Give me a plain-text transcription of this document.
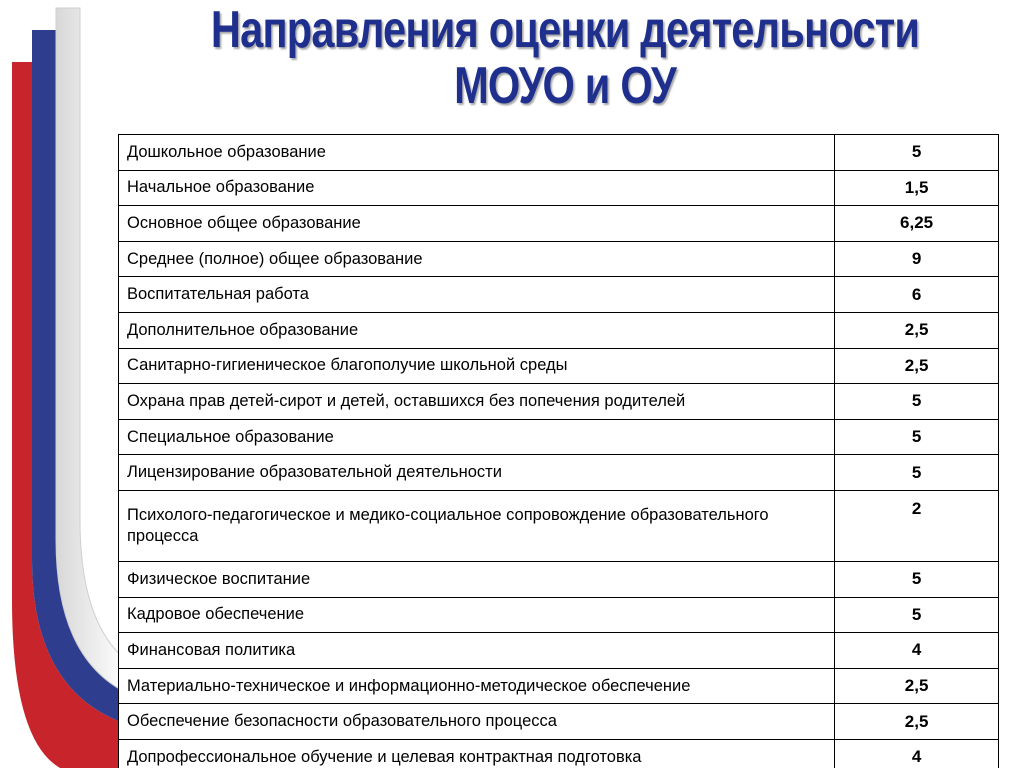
Направления оценки деятельности
МОУО и ОУ
Дошкольное образование	5
Начальное образование	1,5
Основное общее образование	6,25
Среднее (полное) общее образование	9
Воспитательная работа	6
Дополнительное образование	2,5
Санитарно-гигиеническое благополучие школьной среды	2,5
Охрана прав детей-сирот и детей, оставшихся без попечения родителей	5
Специальное образование	5
Лицензирование образовательной деятельности	5
Психолого-педагогическое и медико-социальное сопровождение образовательного процесса	2
Физическое воспитание	5
Кадровое обеспечение	5
Финансовая политика	4
Материально-техническое и информационно-методическое обеспечение	2,5
Обеспечение безопасности образовательного процесса	2,5
Допрофессиональное обучение и целевая контрактная подготовка	4
